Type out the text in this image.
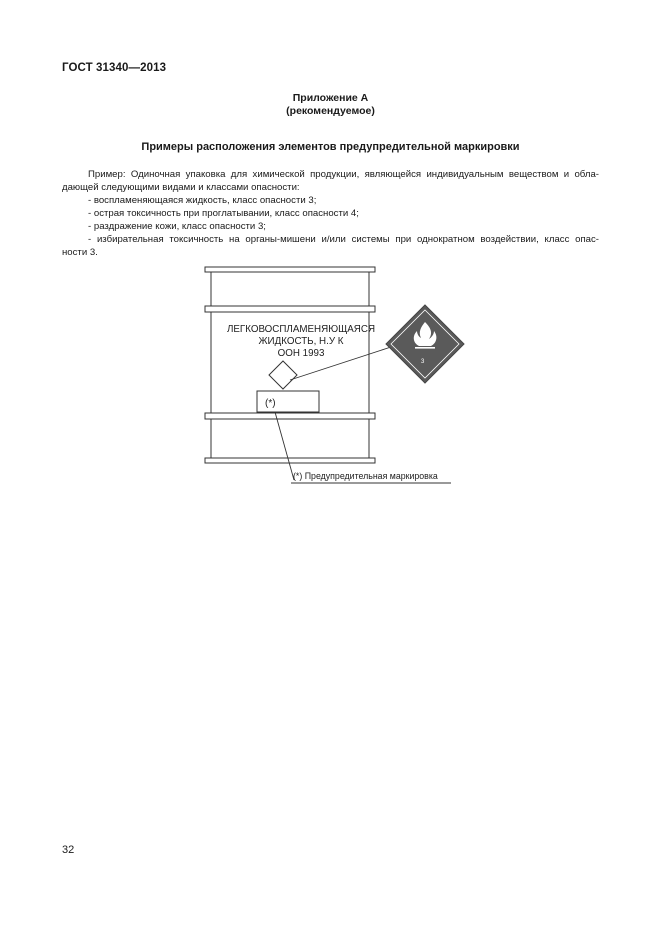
ГОСТ 31340—2013
Приложение А
(рекомендуемое)
Примеры расположения элементов предупредительной маркировки
Пример: Одиночная упаковка для химической продукции, являющейся индивидуальным веществом и обла-
дающей следующими видами и классами опасности:
- воспламеняющаяся жидкость, класс опасности 3;
- острая токсичность при проглатывании, класс опасности 4;
- раздражение кожи, класс опасности 3;
- избирательная токсичность на органы-мишени и/или системы при однократном воздействии, класс опас-
ности 3.
ЛЕГКОВОСПЛАМЕНЯЮЩАЯСЯ
ЖИДКОСТЬ, Н.У К
ООН 1993
(*)
3
(*) Предупредительная маркировка
32
